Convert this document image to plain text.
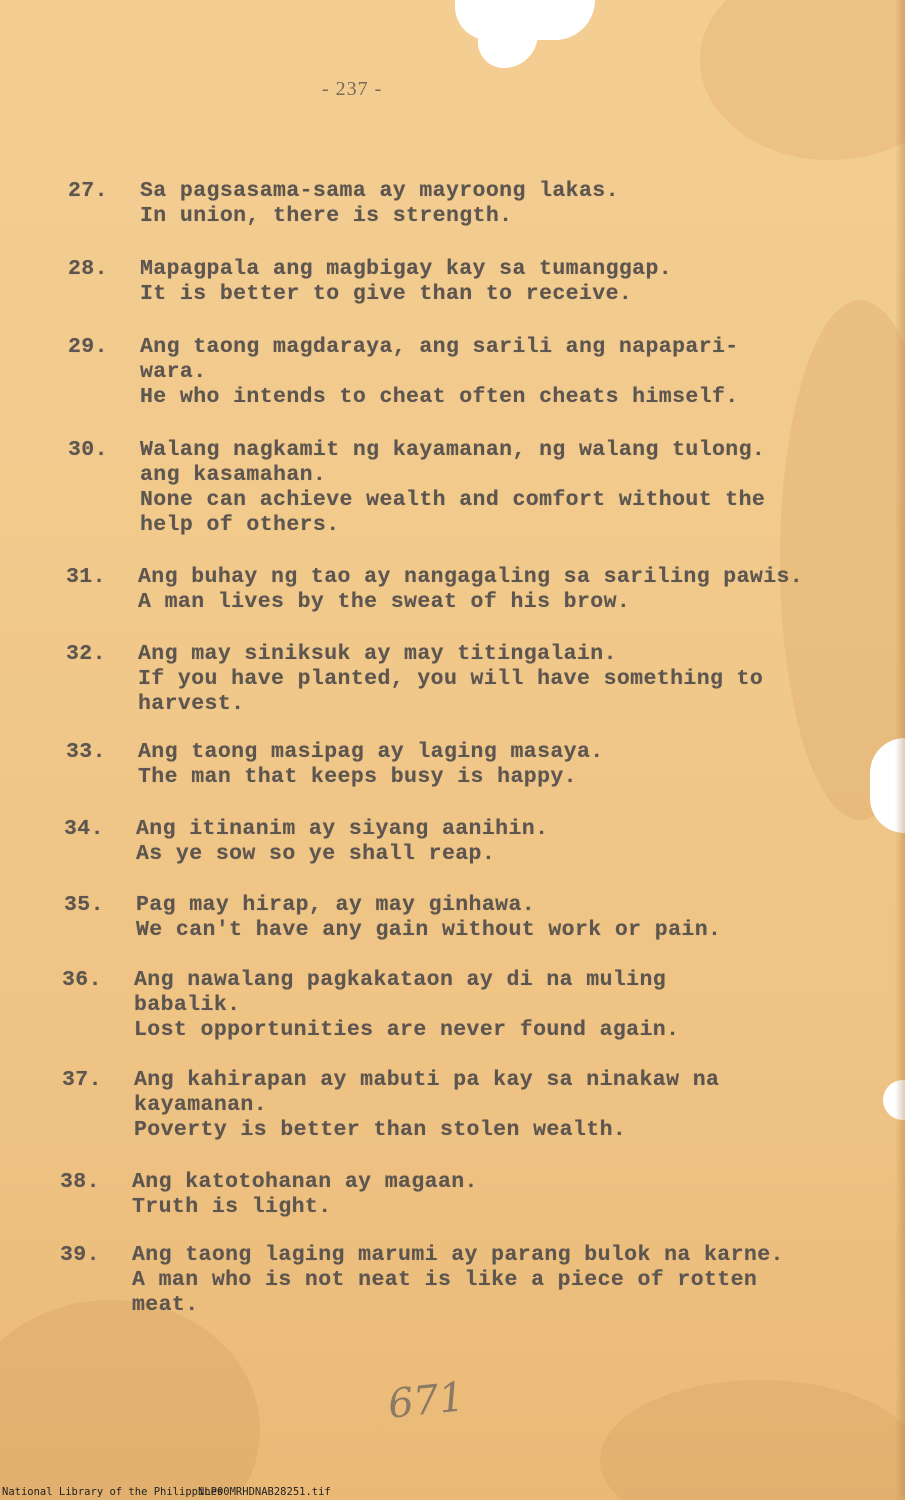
- 237 -
27. Sa pagsasama-sama ay mayroong lakas.
In union, there is strength.
28. Mapagpala ang magbigay kay sa tumanggap.
It is better to give than to receive.
29. Ang taong magdaraya, ang sarili ang napapari-
wara.
He who intends to cheat often cheats himself.
30. Walang nagkamit ng kayamanan, ng walang tulong.
ang kasamahan.
None can achieve wealth and comfort without the
help of others.
31. Ang buhay ng tao ay nangagaling sa sariling pawis.
A man lives by the sweat of his brow.
32. Ang may siniksuk ay may titingalain.
If you have planted, you will have something to
harvest.
33. Ang taong masipag ay laging masaya.
The man that keeps busy is happy.
34. Ang itinanim ay siyang aanihin.
As ye sow so ye shall reap.
35. Pag may hirap, ay may ginhawa.
We can't have any gain without work or pain.
36. Ang nawalang pagkakataon ay di na muling
babalik.
Lost opportunities are never found again.
37. Ang kahirapan ay mabuti pa kay sa ninakaw na
kayamanan.
Poverty is better than stolen wealth.
38. Ang katotohanan ay magaan.
Truth is light.
39. Ang taong laging marumi ay parang bulok na karne.
A man who is not neat is like a piece of rotten
meat.
671
National Library of the Philippines
NLP00MRHDNAB28251.tif
